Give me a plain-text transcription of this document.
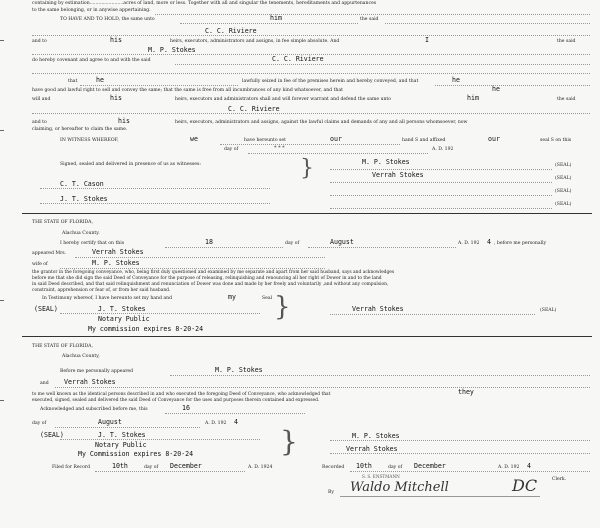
containing by estimation.......................acres of land, more or less. Together with all and singular the tenements, hereditaments and appurtenances
to the same belonging, or in anywise appertaining.
TO HAVE AND TO HOLD, the same unto	him	the said
C. C. Riviere
and to	his	heirs, executors, administrators and assigns, in fee simple absolute. And	I	the said
M. P. Stokes
do hereby covenant and agree to and with the said	C. C. Riviere
that	he	lawfully seized in fee of the premises herein and hereby conveyed, and that	he
have good and lawful right to sell and convey the same; that the same is free from all incumbrances of any kind whatsoever, and that	he
will and	his	heirs, executors and administrators shall and will forever warrant and defend the same unto	him	the said
C. C. Riviere
and to	his	heirs, executors, administrators and assigns, against the lawful claims and demands of any and all persons whomsoever, now
claiming, or hereafter to claim the same.
IN WITNESS WHEREOF,	we	have hereunto set	our	hand S and affixed	our	seal S on this
day of	* * *	A. D. 192
Signed, sealed and delivered in presence of us as witnesses:	}	M. P. Stokes	(SEAL)
Verrah Stokes	(SEAL)
(SEAL)
(SEAL)
C. T. Cason
J. T. Stokes
THE STATE OF FLORIDA,
Alachua County.
I hereby certify that on this	18	day of	August	A. D. 192 4 , before me personally
appeared Mrs.	Verrah Stokes
wife of	M. P. Stokes
the grantor in the foregoing conveyance, who, being first duly questioned and examined by me separate and apart from her said husband, says and acknowledges
before me that she did sign the said Deed of Conveyance for the purpose of releasing, relinquishing and renouncing all her right of Dower in and to the land
in said Deed described, and that said relinquishment and renunciation of Dower was done and made by her freely and voluntarily ,and without any compulsion,
constraint, apprehension or fear of, or from her said husband.
In Testimony whereof, I have hereunto set my hand and	my	Seal }
(SEAL)	J. T. Stokes
Notary Public
My commission expires 8-20-24
Verrah Stokes	(SEAL)
THE STATE OF FLORIDA,
Alachua County,
Before me personally appeared	M. P. Stokes
and Verrah Stokes
to me well known as the identical persons described in and who executed the foregoing Deed of Conveyance, who acknowledged that	they
executed, signed, sealed and delivered the said Deed of Conveyance for the uses and purposes therein contained and expressed.
Acknowledged and subscribed before me, this	16
day of	August	A. D. 192 4
(SEAL)	J. T. Stokes
Notary Public
My Commission expires 8-20-24	}	M. P. Stokes
Verrah Stokes
Filed for Record	10th	day of December	A. D. 1924	Recorded 10th	day of December	A. D. 192 4
S. S. ENSTMANN
Clerk.
By Waldo Mitchell	DC
